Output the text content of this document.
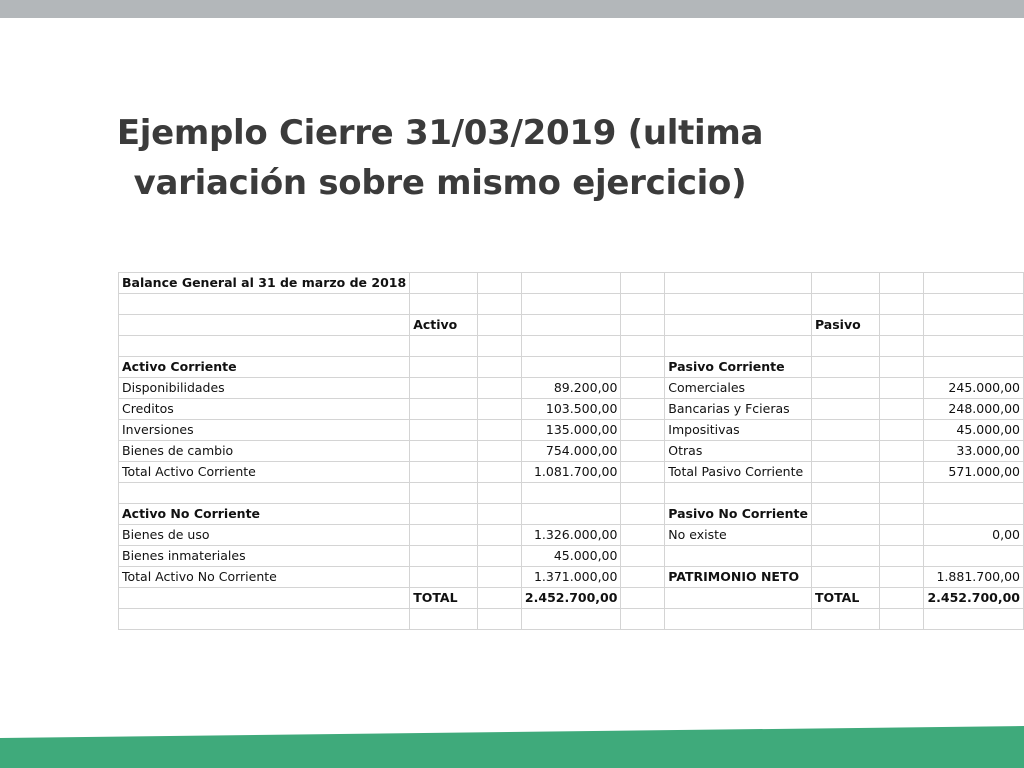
Ejemplo Cierre 31/03/2019 (ultima
variación sobre mismo ejercicio)
Balance General al 31 de marzo de 2018								

	Activo					Pasivo		

Activo Corriente					Pasivo Corriente			
Disponibilidades			89.200,00		Comerciales			245.000,00
Creditos			103.500,00		Bancarias y Fcieras			248.000,00
Inversiones			135.000,00		Impositivas			45.000,00
Bienes de cambio			754.000,00		Otras			33.000,00
Total Activo Corriente			1.081.700,00		Total Pasivo Corriente			571.000,00

Activo No Corriente					Pasivo No Corriente			
Bienes de uso			1.326.000,00		No existe			0,00
Bienes inmateriales			45.000,00					
Total Activo No Corriente			1.371.000,00		PATRIMONIO NETO			1.881.700,00
	TOTAL		2.452.700,00			TOTAL		2.452.700,00
